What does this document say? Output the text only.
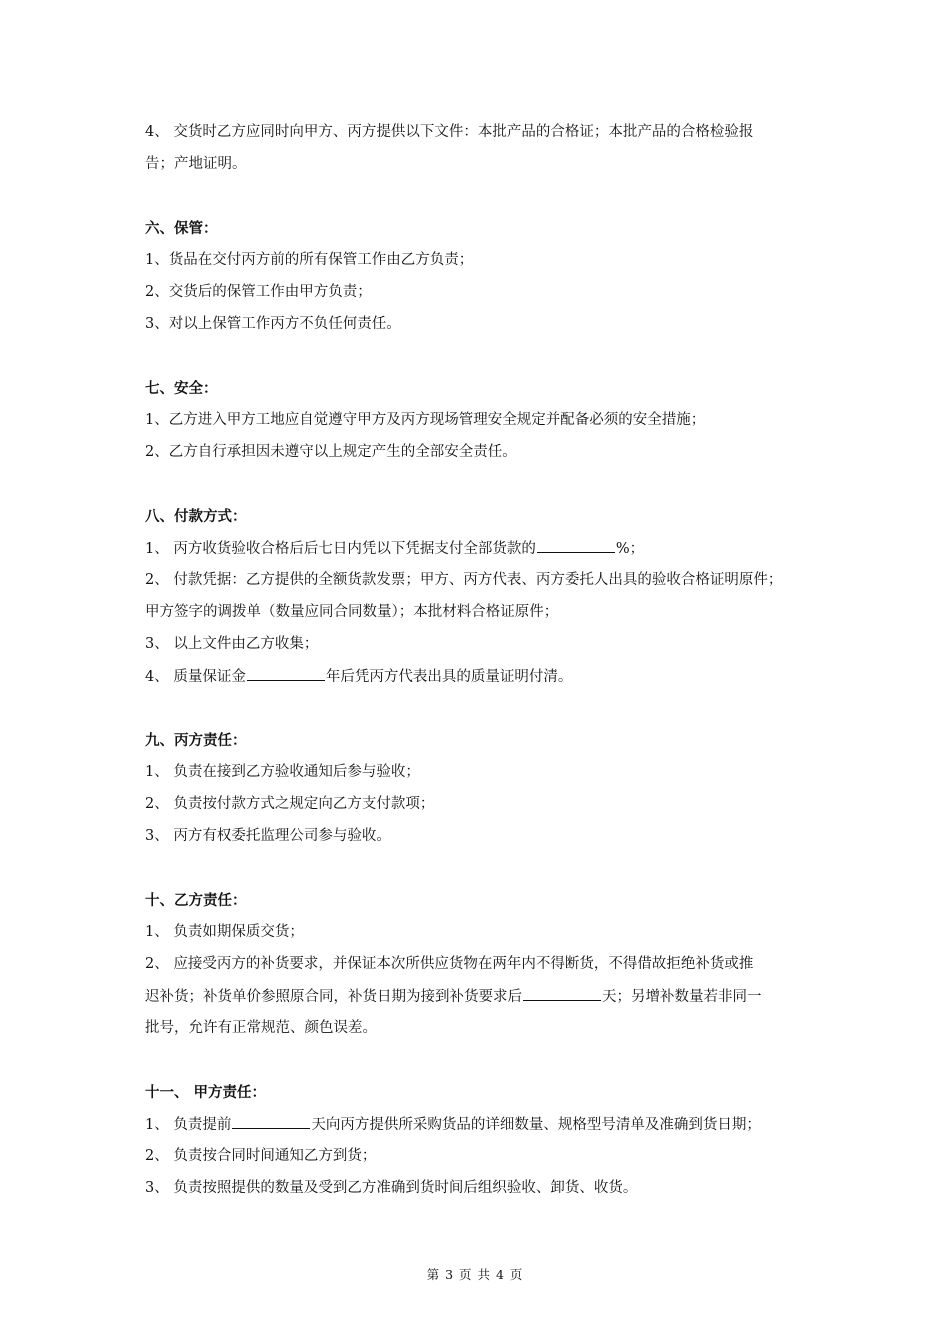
4、 交货时乙方应同时向甲方、丙方提供以下文件：本批产品的合格证；本批产品的合格检验报
告；产地证明。
六、保管：
1、货品在交付丙方前的所有保管工作由乙方负责；
2、交货后的保管工作由甲方负责；
3、对以上保管工作丙方不负任何责任。
七、安全：
1、乙方进入甲方工地应自觉遵守甲方及丙方现场管理安全规定并配备必须的安全措施；
2、乙方自行承担因未遵守以上规定产生的全部安全责任。
八、付款方式：
1、 丙方收货验收合格后后七日内凭以下凭据支付全部货款的	%；
2、 付款凭据：乙方提供的全额货款发票；甲方、丙方代表、丙方委托人出具的验收合格证明原件；
甲方签字的调拨单（数量应同合同数量）；本批材料合格证原件；
3、 以上文件由乙方收集；
4、 质量保证金	年后凭丙方代表出具的质量证明付清。
九、丙方责任：
1、 负责在接到乙方验收通知后参与验收；
2、 负责按付款方式之规定向乙方支付款项；
3、 丙方有权委托监理公司参与验收。
十、乙方责任：
1、 负责如期保质交货；
2、 应接受丙方的补货要求，并保证本次所供应货物在两年内不得断货，不得借故拒绝补货或推
迟补货；补货单价参照原合同，补货日期为接到补货要求后	天；另增补数量若非同一
批号，允许有正常规范、颜色误差。
十一、 甲方责任：
1、 负责提前	天向丙方提供所采购货品的详细数量、规格型号清单及准确到货日期；
2、 负责按合同时间通知乙方到货；
3、 负责按照提供的数量及受到乙方准确到货时间后组织验收、卸货、收货。
第 3 页 共 4 页
